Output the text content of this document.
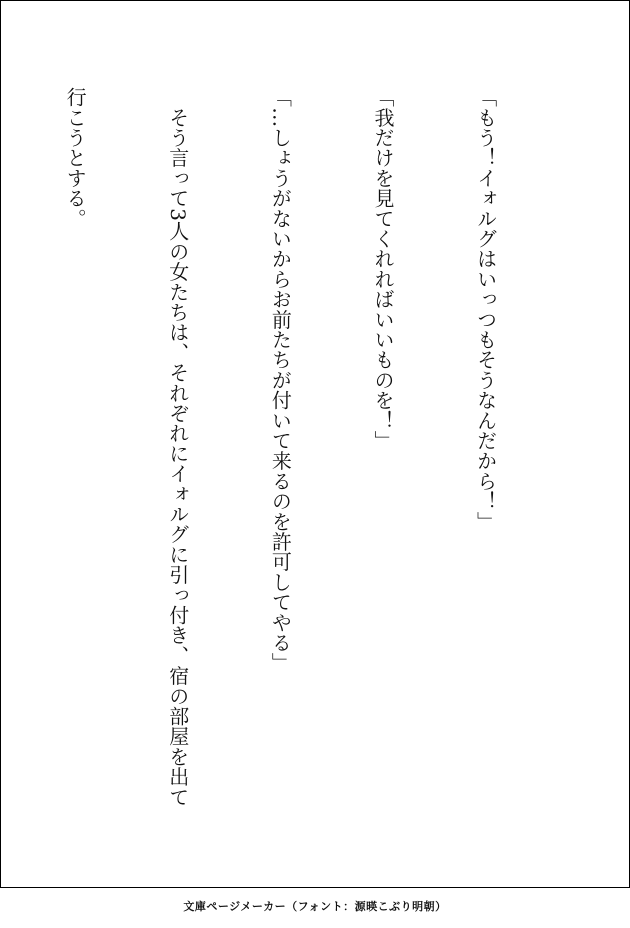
「もう！イォルグはいっつもそうなんだから！」

「我だけを見てくれればいいものを！」

「…しょうがないからお前たちが付いて来るのを許可してやる」

　そう言って3人の女たちは、それぞれにイォルグに引っ付き、宿の部屋を出て

行こうとする。

文庫ページメーカー（フォント：源暎こぶり明朝）
